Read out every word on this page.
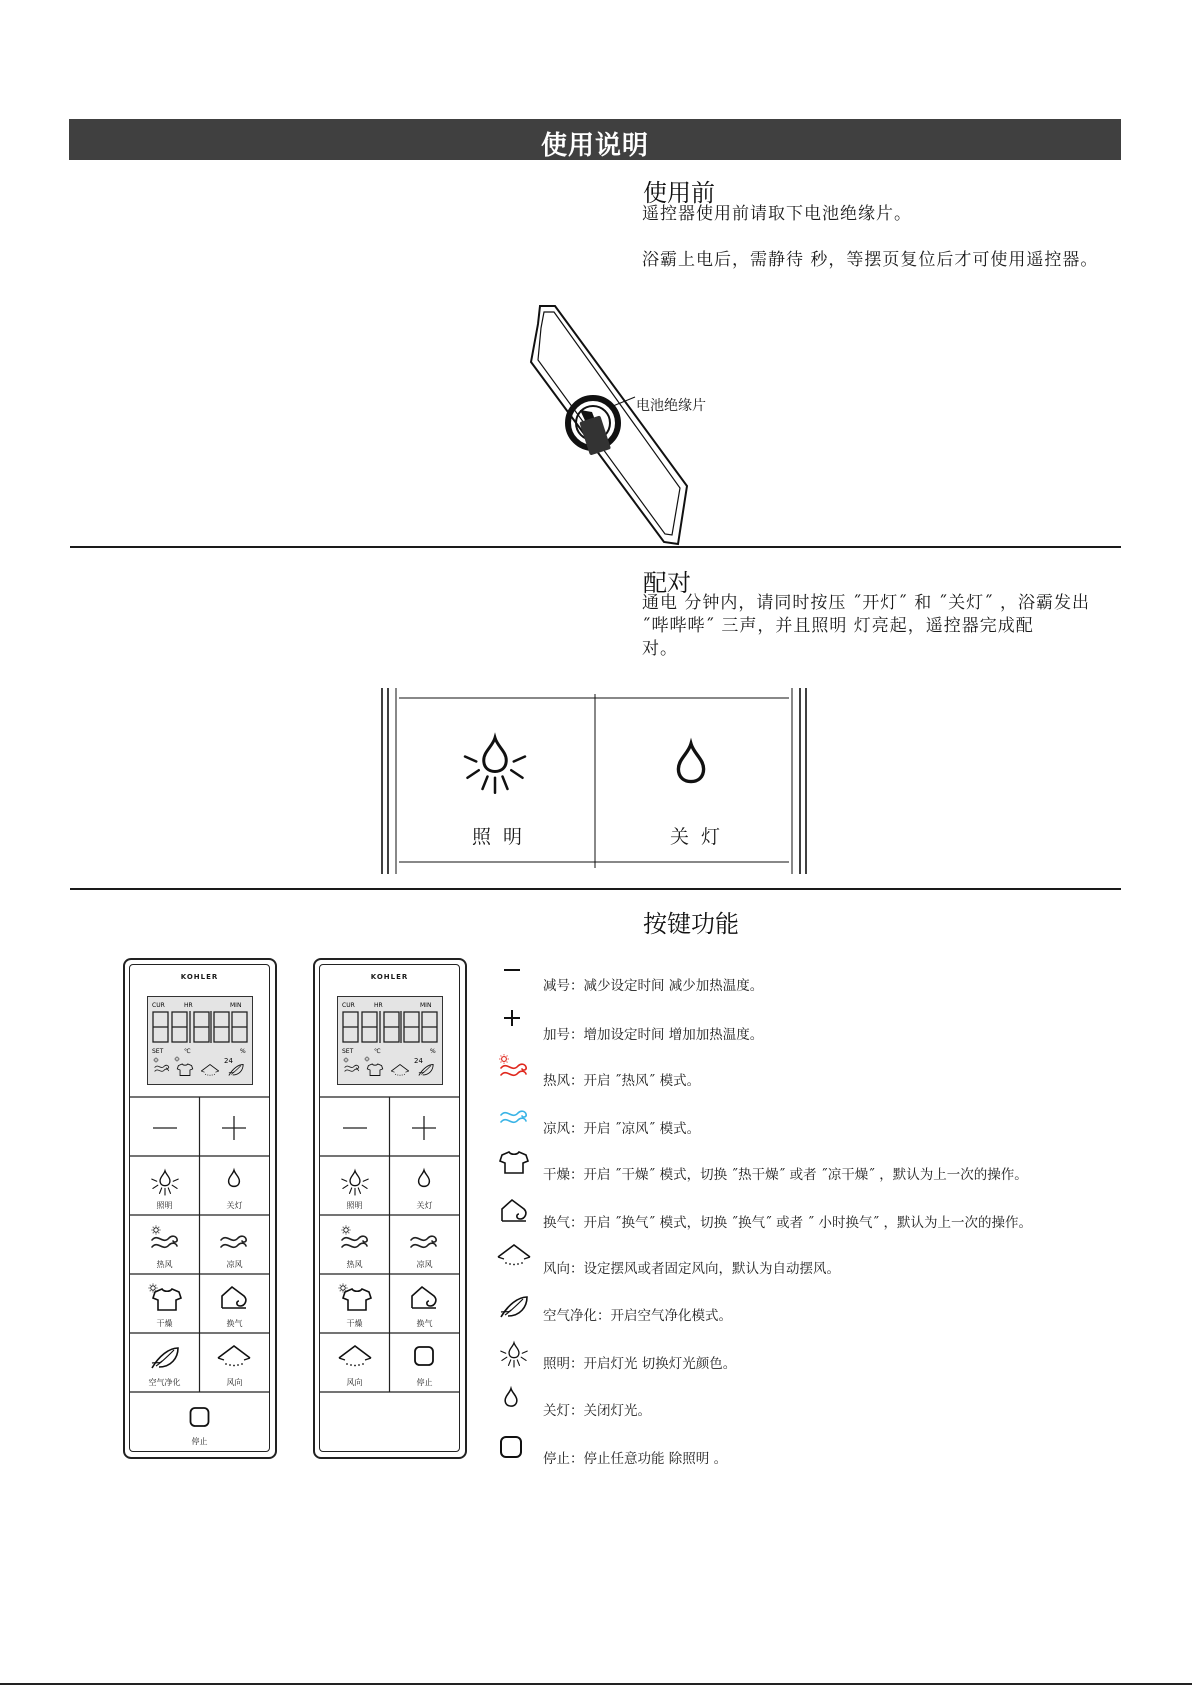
使用说明
使用前
遥控器使用前请取下电池绝缘片。
浴霸上电后，需静待 秒，等摆页复位后才可使用遥控器。
电池绝缘片
配对
通电 分钟内，请同时按压 ˝开灯˝ 和 ˝关灯˝ ，浴霸发出
˝哔哔哔˝ 三声，并且照明 灯亮起，遥控器完成配
对。
照 明	关 灯
按键功能
KOHLER
CUR	HR	MIN
SET	℃	%
24
照明	关灯
热风	凉风
干燥	换气
空气净化	风向
停止
KOHLER
CUR	HR	MIN
SET	℃	%
24
照明	关灯
热风	凉风
干燥	换气
风向	停止
减号：减少设定时间 减少加热温度。
加号：增加设定时间 增加加热温度。
热风：开启 ˝热风˝ 模式。
凉风：开启 ˝凉风˝ 模式。
干燥：开启 ˝干燥˝ 模式，切换 ˝热干燥˝ 或者 ˝凉干燥˝ ，默认为上一次的操作。
换气：开启 ˝换气˝ 模式，切换 ˝换气˝ 或者 ˝ 小时换气˝ ，默认为上一次的操作。
风向：设定摆风或者固定风向，默认为自动摆风。
空气净化：开启空气净化模式。
照明：开启灯光 切换灯光颜色。
关灯：关闭灯光。
停止：停止任意功能 除照明 。
